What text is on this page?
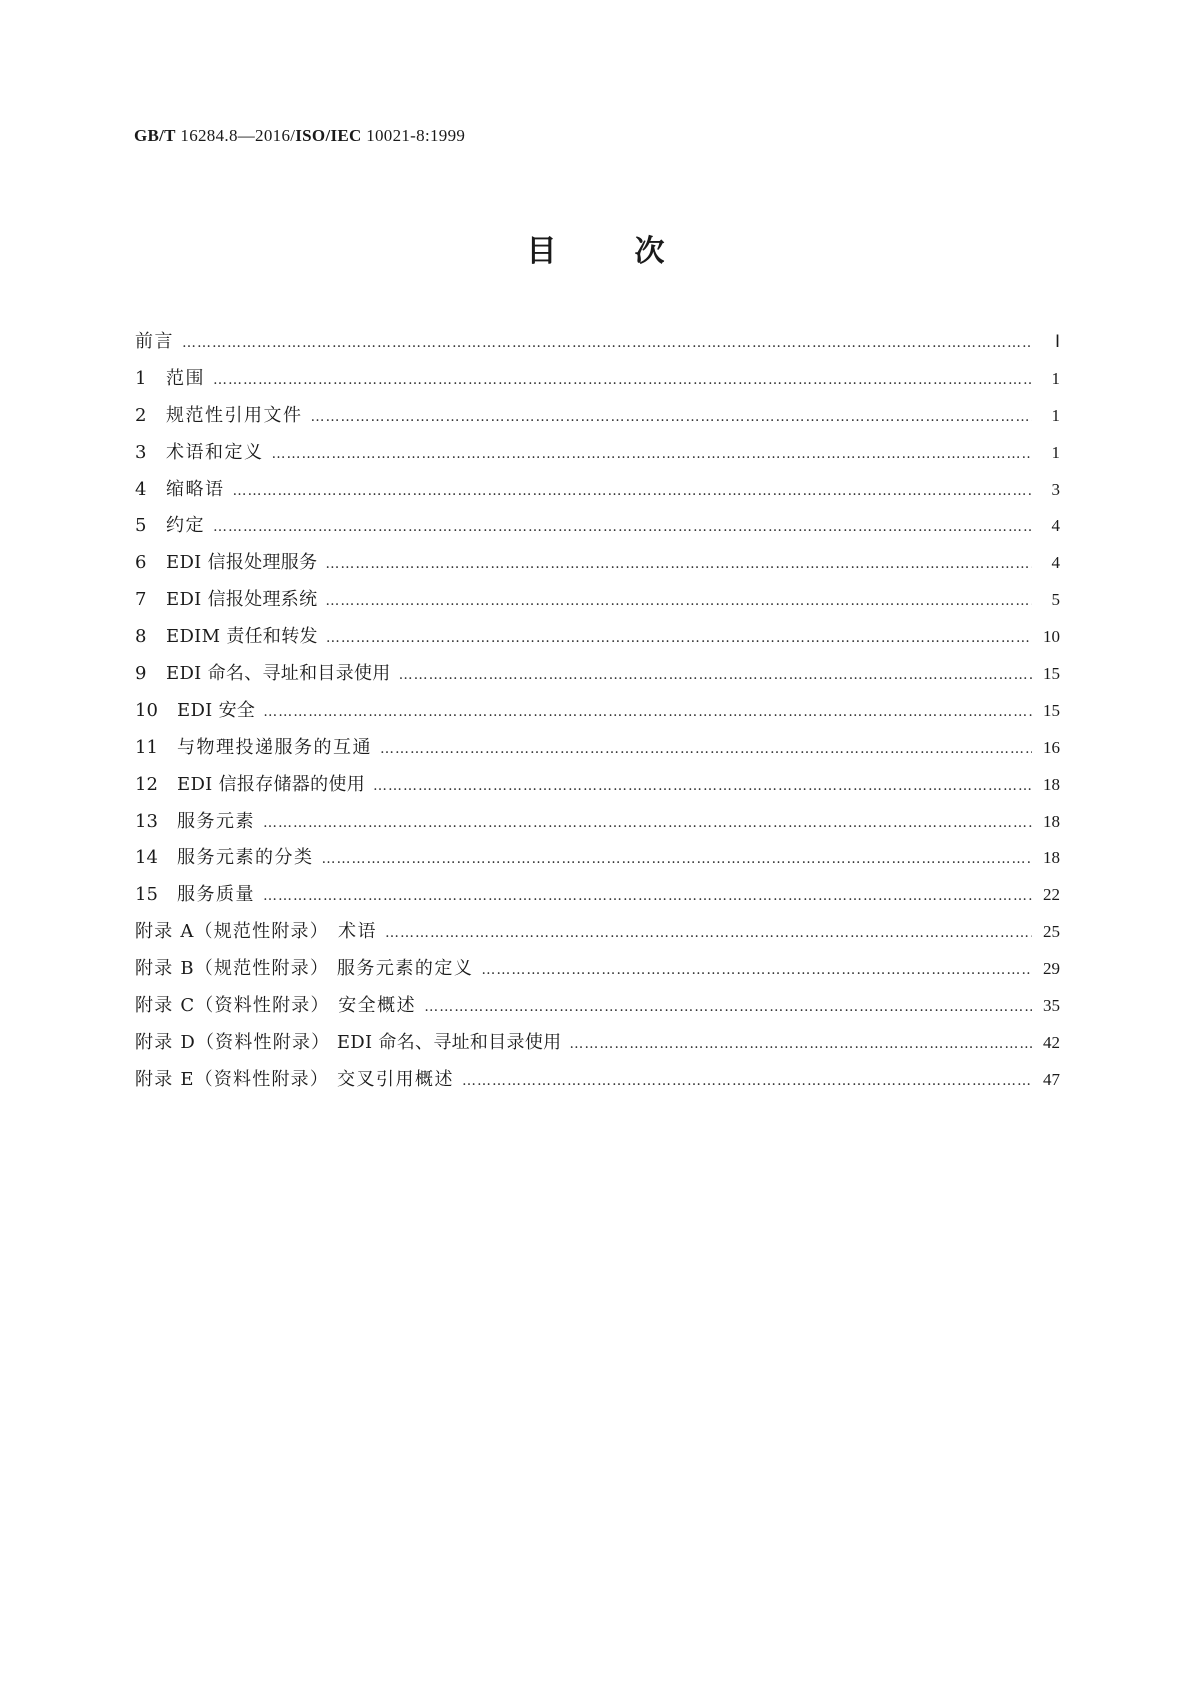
GB/T 16284.8—2016/ISO/IEC 10021-8:1999
目	次
前言 ……………………………………………………………………………………………………………………………………………………………………………………………………………………………………	Ⅰ
1	范围 ……………………………………………………………………………………………………………………………………………………………………………………………………………………………………	1
2	规范性引用文件 ……………………………………………………………………………………………………………………………………………………………………………………………………………………………………	1
3	术语和定义 ……………………………………………………………………………………………………………………………………………………………………………………………………………………………………	1
4	缩略语 ……………………………………………………………………………………………………………………………………………………………………………………………………………………………………	3
5	约定 ……………………………………………………………………………………………………………………………………………………………………………………………………………………………………	4
6	EDI 信报处理服务 ……………………………………………………………………………………………………………………………………………………………………………………………………………………………………	4
7	EDI 信报处理系统 ……………………………………………………………………………………………………………………………………………………………………………………………………………………………………	5
8	EDIM 责任和转发 ……………………………………………………………………………………………………………………………………………………………………………………………………………………………………	10
9	EDI 命名、寻址和目录使用 ……………………………………………………………………………………………………………………………………………………………………………………………………………………………………	15
10	EDI 安全 ……………………………………………………………………………………………………………………………………………………………………………………………………………………………………	15
11	与物理投递服务的互通 ……………………………………………………………………………………………………………………………………………………………………………………………………………………………………	16
12	EDI 信报存储器的使用 ……………………………………………………………………………………………………………………………………………………………………………………………………………………………………	18
13	服务元素 ……………………………………………………………………………………………………………………………………………………………………………………………………………………………………	18
14	服务元素的分类 ……………………………………………………………………………………………………………………………………………………………………………………………………………………………………	18
15	服务质量 ……………………………………………………………………………………………………………………………………………………………………………………………………………………………………	22
附录 A（规范性附录） 术语 ……………………………………………………………………………………………………………………………………………………………………………………………………………………………………	25
附录 B（规范性附录） 服务元素的定义 ……………………………………………………………………………………………………………………………………………………………………………………………………………………………………	29
附录 C（资料性附录） 安全概述 ……………………………………………………………………………………………………………………………………………………………………………………………………………………………………	35
附录 D（资料性附录） EDI 命名、寻址和目录使用 ……………………………………………………………………………………………………………………………………………………………………………………………………………………………………	42
附录 E（资料性附录） 交叉引用概述 ……………………………………………………………………………………………………………………………………………………………………………………………………………………………………	47
